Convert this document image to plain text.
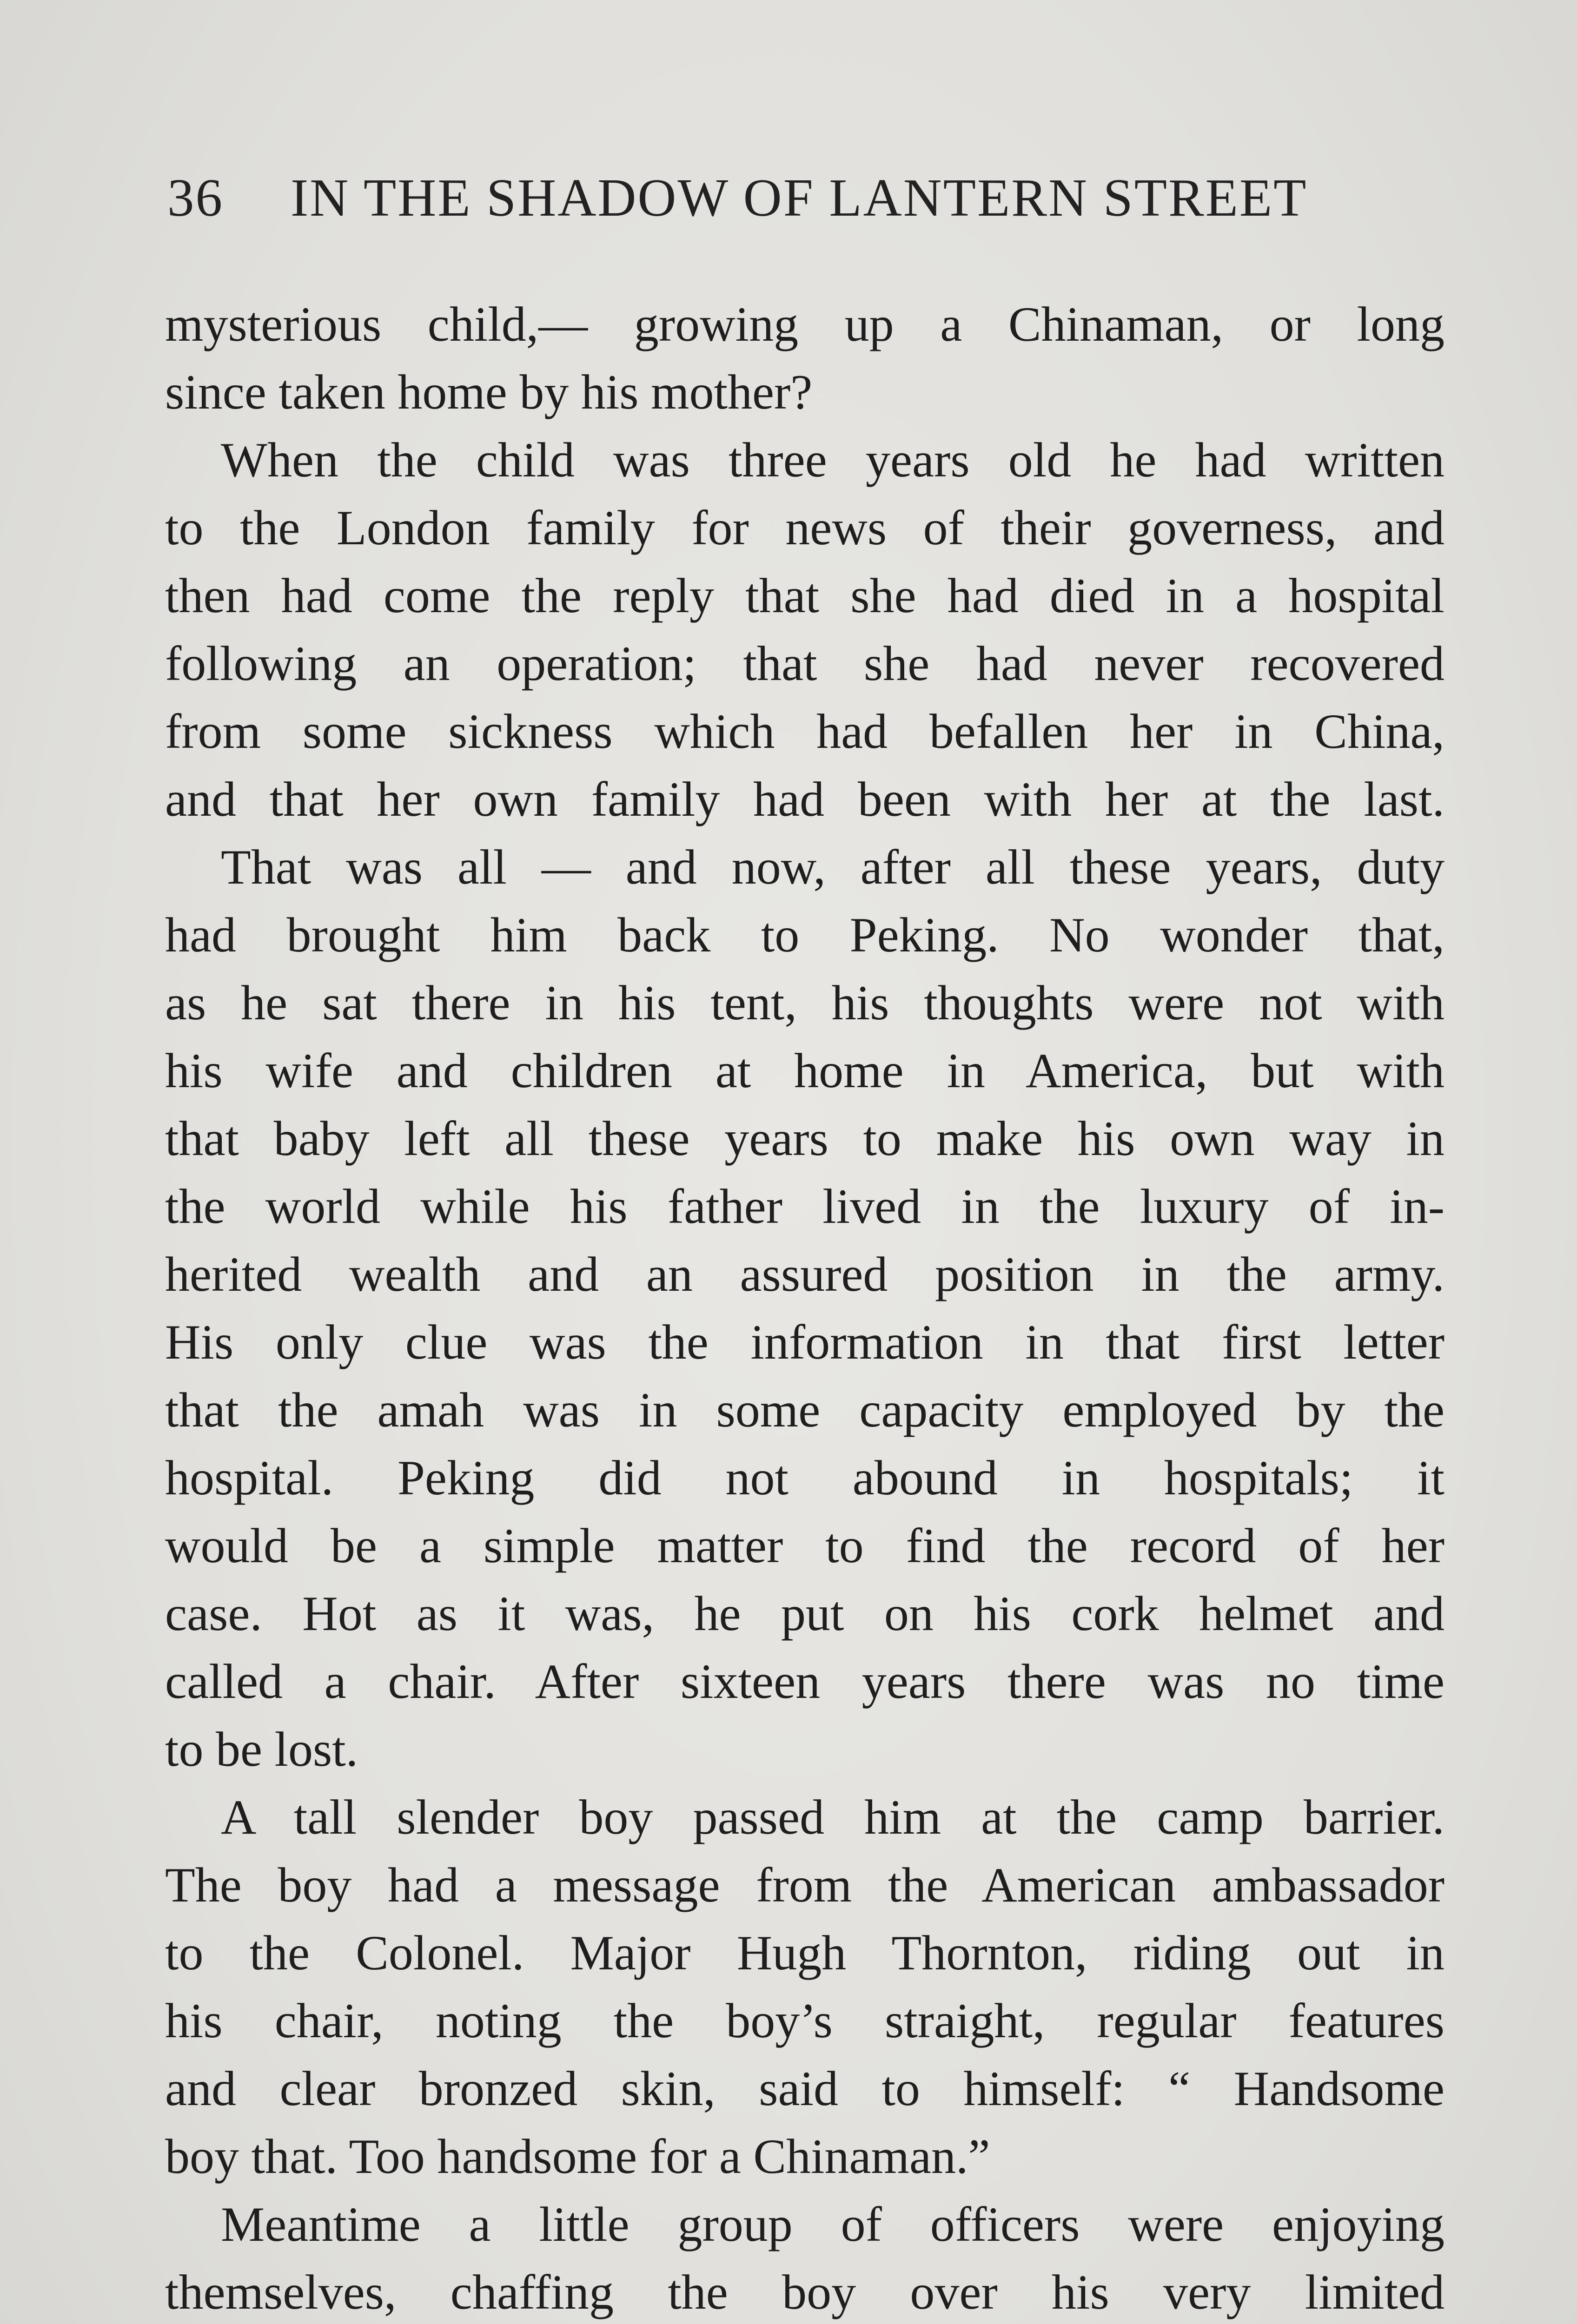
36 IN THE SHADOW OF LANTERN STREET
mysterious child,— growing up a Chinaman, or long
since taken home by his mother?
When the child was three years old he had written
to the London family for news of their governess, and
then had come the reply that she had died in a hospital
following an operation; that she had never recovered
from some sickness which had befallen her in China,
and that her own family had been with her at the last.
That was all — and now, after all these years, duty
had brought him back to Peking. No wonder that,
as he sat there in his tent, his thoughts were not with
his wife and children at home in America, but with
that baby left all these years to make his own way in
the world while his father lived in the luxury of in-
herited wealth and an assured position in the army.
His only clue was the information in that first letter
that the amah was in some capacity employed by the
hospital. Peking did not abound in hospitals; it
would be a simple matter to find the record of her
case. Hot as it was, he put on his cork helmet and
called a chair. After sixteen years there was no time
to be lost.
A tall slender boy passed him at the camp barrier.
The boy had a message from the American ambassador
to the Colonel. Major Hugh Thornton, riding out in
his chair, noting the boy’s straight, regular features
and clear bronzed skin, said to himself: “ Handsome
boy that. Too handsome for a Chinaman.”
Meantime a little group of officers were enjoying
themselves, chaffing the boy over his very limited
